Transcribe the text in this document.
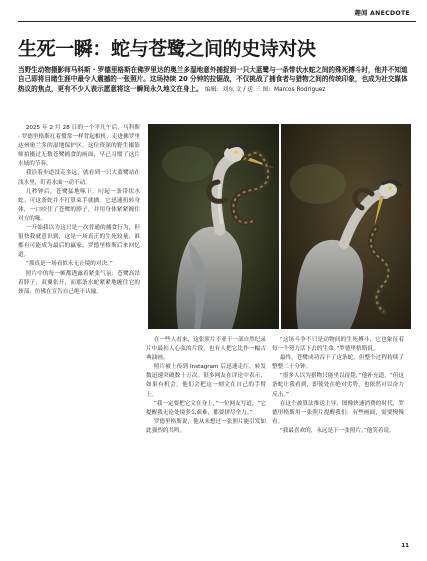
趣闻 ANECDOTE
生死一瞬：蛇与苍鹭之间的史诗对决
当野生动物摄影师马科斯 · 罗德里格斯在佛罗里达的奥兰多湿地意外捕捉到一只大蓝鹭与一条带状水蛇之间的殊死搏斗时，他并不知道自己即将目睹生涯中最令人震撼的一张照片。这场持续 20 分钟的拉锯战，不仅挑战了捕食者与猎物之间的传统印象，也成为社交媒体热议的焦点，更有不少人表示愿意将这一瞬间永久地文在身上。 编辑：刘东 文 / 送 三 图：Marcos Rodriguez

2025 年 2 月 28 日的一个平凡午后，马科斯 · 罗德里格斯扛着惯常一样背起相机，走进佛罗里达州奥兰多的湿地保护区。这位资深的野生摄影师拍摄过无数苍鹭捕食的画面，早已习惯了这片水域的节奏。

我沿着步道没走多远，就看到一只大蓝鹭站在浅水里，盯着水面一动不动。

几秒钟后，苍鹭猛地啄下，叼起一条带状水蛇。可这条蛇并不打算束手就擒。它迅速扭转身体，一口咬住了苍鹭的脖子，并用身体紧紧缠住对方的喙。

一开始我以为这只是一次普通的捕食行为，但很快我就意识到，这是一场真正的生死较量，谁都有可能成为最后的赢家。罗德里格斯后来回忆道。

“那真是一场看似永无止境的对决。”

照片中的每一帧都透露着紧张气氛：苍鹭高昂着脖子，双翼张开，而那条水蛇紧紧地缠住它的颈部，仿佛在宣告自己绝不认输。

在一些人看来，这张照片不亚于一部自然纪录片中最扣人心弦的片段，也有人把它比作一幅古典油画。

照片被上传到 Instagram 后迅速走红，转发数迅速突破数十万次。很多网友在评论中表示，如果有机会，他们会把这一刻文在自己的手臂上。

“我一定要把它文在身上，”一位网友写道，“它提醒我无论处境多么艰难，都要拼尽全力。”

罗德里格斯说，他从未想过一张照片能引发如此强烈的共鸣。

“这场斗争不只是动物间的生死搏斗，它也象征着每一个努力活下去的生命。”罗德里格斯说。

最终，苍鹭成功吞下了这条蛇，但整个过程持续了整整二十分钟。

“很多人以为猎物只能坐以待毙，”他补充道，“但这条蛇让我看到，即使处在绝对劣势，也依然可以奋力反击。”

在这个被算法推送主导、图像快速消费的时代，罗德里格斯用一张照片提醒我们：有些画面，需要慢慢看。

“我最喜欢的，永远是下一张照片。”他笑着说。

11
